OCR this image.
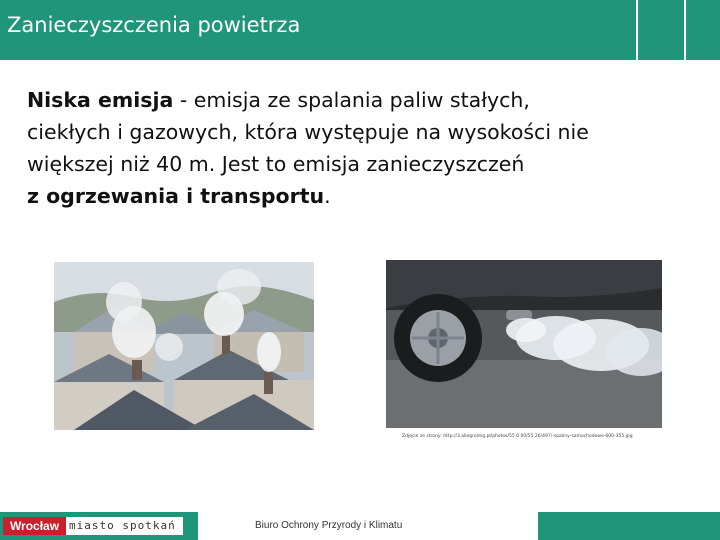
Zanieczyszczenia powietrza
Niska emisja - emisja ze spalania paliw stałych,
ciekłych i gazowych, która występuje na wysokości nie
większej niż 40 m. Jest to emisja zanieczyszczeń
z ogrzewania i transportu.
Zdjęcie ze strony: http://3.allegroimg.pl/photos/55 0 00/55 26/497/-spaliny-samochodowe-600-355.jpg
Wrocław miasto spotkań	Biuro Ochrony Przyrody i Klimatu
